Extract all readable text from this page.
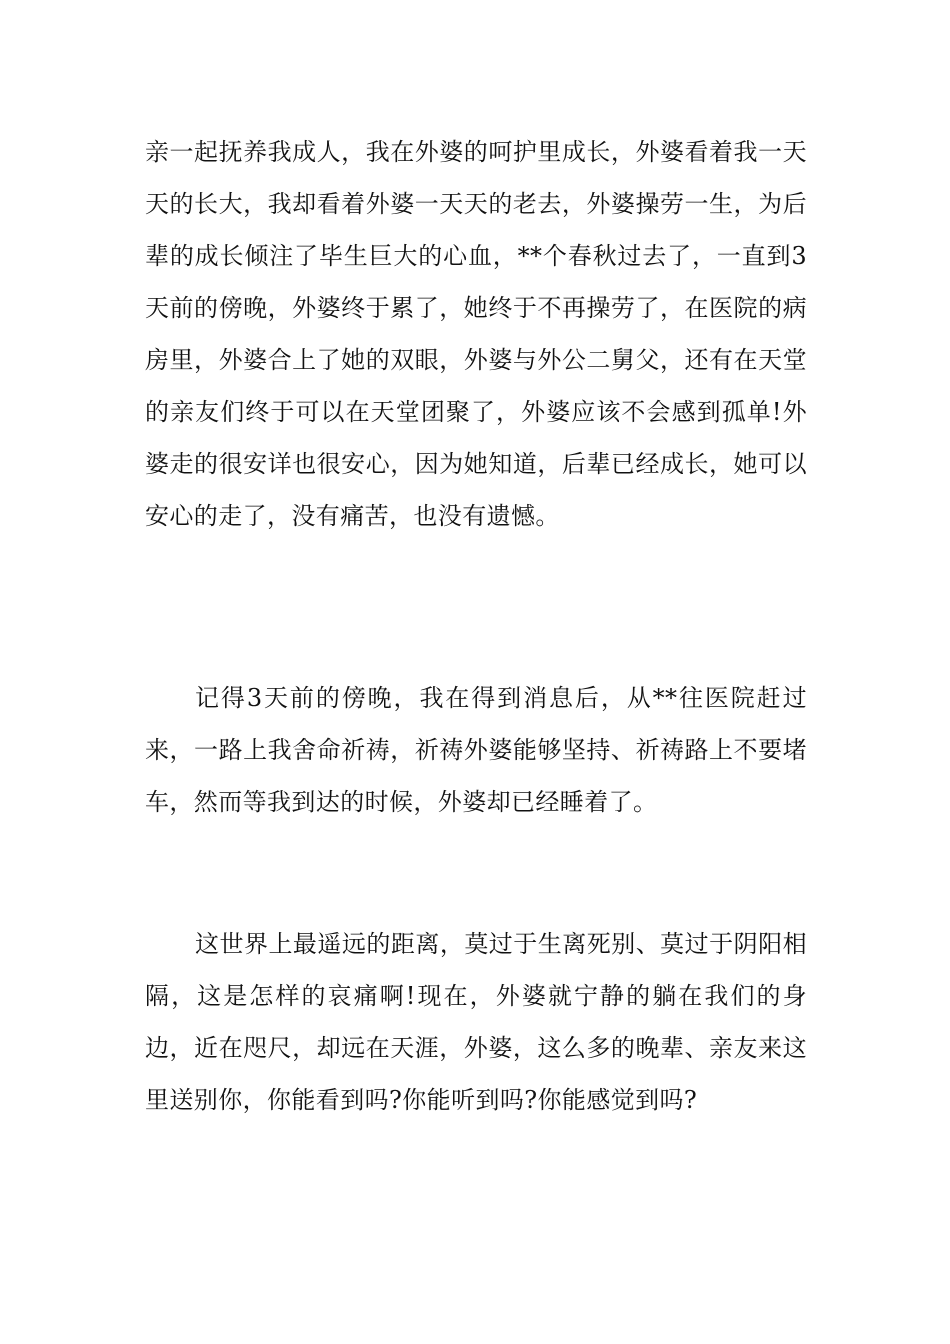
亲一起抚养我成人，我在外婆的呵护里成长，外婆看着我一天天的长大，我却看着外婆一天天的老去，外婆操劳一生，为后辈的成长倾注了毕生巨大的心血，**个春秋过去了，一直到3天前的傍晚，外婆终于累了，她终于不再操劳了，在医院的病房里，外婆合上了她的双眼，外婆与外公二舅父，还有在天堂的亲友们终于可以在天堂团聚了，外婆应该不会感到孤单!外婆走的很安详也很安心，因为她知道，后辈已经成长，她可以安心的走了，没有痛苦，也没有遗憾。

记得3天前的傍晚，我在得到消息后，从**往医院赶过来，一路上我舍命祈祷，祈祷外婆能够坚持、祈祷路上不要堵车，然而等我到达的时候，外婆却已经睡着了。

这世界上最遥远的距离，莫过于生离死别、莫过于阴阳相隔，这是怎样的哀痛啊!现在，外婆就宁静的躺在我们的身边，近在咫尺，却远在天涯，外婆，这么多的晚辈、亲友来这里送别你，你能看到吗?你能听到吗?你能感觉到吗?
